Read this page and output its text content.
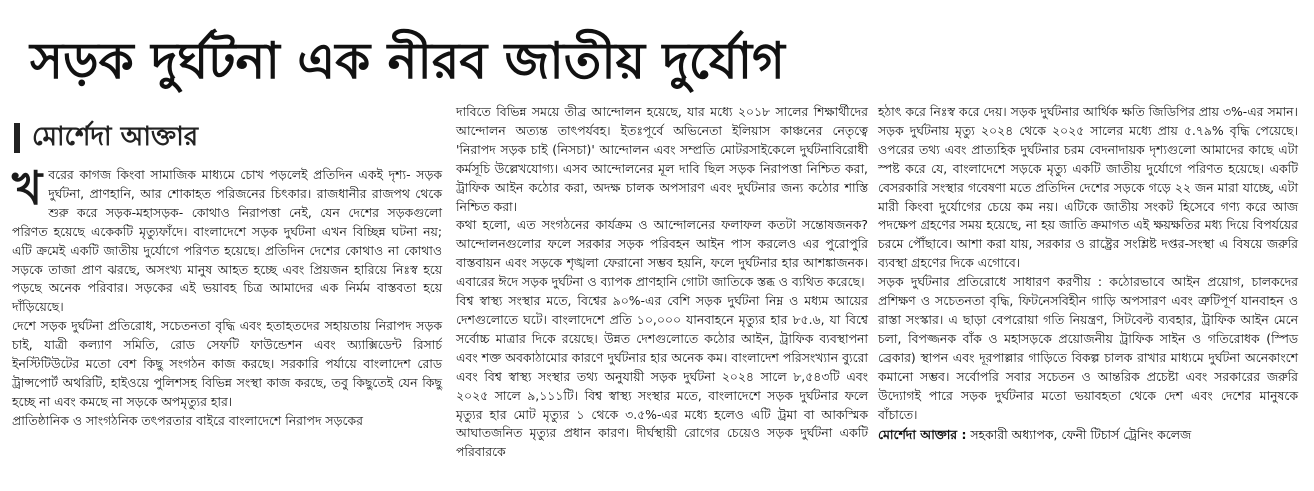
সড়ক দুর্ঘটনা এক নীরব জাতীয় দুর্যোগ
মোর্শেদা আক্তার

খবরের কাগজ কিংবা সামাজিক মাধ্যমে চোখ পড়লেই প্রতিদিন একই দৃশ্য- সড়ক দুর্ঘটনা, প্রাণহানি, আর শোকাহত পরিজনের চিৎকার। রাজধানীর রাজপথ থেকে শুরু করে সড়ক-মহাসড়ক- কোথাও নিরাপত্তা নেই, যেন দেশের সড়কগুলো পরিণত হয়েছে একেকটি মৃত্যুফাঁদে। বাংলাদেশে সড়ক দুর্ঘটনা এখন বিচ্ছিন্ন ঘটনা নয়; এটি ক্রমেই একটি জাতীয় দুর্যোগে পরিণত হয়েছে। প্রতিদিন দেশের কোথাও না কোথাও সড়কে তাজা প্রাণ ঝরছে, অসংখ্য মানুষ আহত হচ্ছে এবং প্রিয়জন হারিয়ে নিঃস্ব হয়ে পড়ছে অনেক পরিবার। সড়কের এই ভয়াবহ চিত্র আমাদের এক নির্মম বাস্তবতা হয়ে দাঁড়িয়েছে।

দেশে সড়ক দুর্ঘটনা প্রতিরোধ, সচেতনতা বৃদ্ধি এবং হতাহতদের সহায়তায় নিরাপদ সড়ক চাই, যাত্রী কল্যাণ সমিতি, রোড সেফটি ফাউন্ডেশন এবং অ্যাক্সিডেন্ট রিসার্চ ইনস্টিটিউটের মতো বেশ কিছু সংগঠন কাজ করছে। সরকারি পর্যায়ে বাংলাদেশ রোড ট্রান্সপোর্ট অথরিটি, হাইওয়ে পুলিশসহ বিভিন্ন সংস্থা কাজ করছে, তবু কিছুতেই যেন কিছু হচ্ছে না এবং কমছে না সড়কে অপমৃত্যুর হার।

প্রাতিষ্ঠানিক ও সাংগঠনিক তৎপরতার বাইরে বাংলাদেশে নিরাপদ সড়কের

দাবিতে বিভিন্ন সময়ে তীব্র আন্দোলন হয়েছে, যার মধ্যে ২০১৮ সালের শিক্ষার্থীদের আন্দোলন অত্যন্ত তাৎপর্যবহ। ইতঃপূর্বে অভিনেতা ইলিয়াস কাঞ্চনের নেতৃত্বে 'নিরাপদ সড়ক চাই (নিসচা)' আন্দোলন এবং সম্প্রতি মোটরসাইকেলে দুর্ঘটনাবিরোধী কর্মসূচি উল্লেখযোগ্য। এসব আন্দোলনের মূল দাবি ছিল সড়ক নিরাপত্তা নিশ্চিত করা, ট্রাফিক আইন কঠোর করা, অদক্ষ চালক অপসারণ এবং দুর্ঘটনার জন্য কঠোর শাস্তি নিশ্চিত করা।

কথা হলো, এত সংগঠনের কার্যক্রম ও আন্দোলনের ফলাফল কতটা সন্তোষজনক? আন্দোলনগুলোর ফলে সরকার সড়ক পরিবহন আইন পাস করলেও এর পুরোপুরি বাস্তবায়ন এবং সড়কে শৃঙ্খলা ফেরানো সম্ভব হয়নি, ফলে দুর্ঘটনার হার আশঙ্কাজনক। এবারের ঈদে সড়ক দুর্ঘটনা ও ব্যাপক প্রাণহানি গোটা জাতিকে স্তব্ধ ও ব্যথিত করেছে।

বিশ্ব স্বাস্থ্য সংস্থার মতে, বিশ্বের ৯০%-এর বেশি সড়ক দুর্ঘটনা নিম্ন ও মধ্যম আয়ের দেশগুলোতে ঘটে। বাংলাদেশে প্রতি ১০,০০০ যানবাহনে মৃত্যুর হার ৮৫.৬, যা বিশ্বে সর্বোচ্চ মাত্রার দিকে রয়েছে। উন্নত দেশগুলোতে কঠোর আইন, ট্রাফিক ব্যবস্থাপনা এবং শক্ত অবকাঠামোর কারণে দুর্ঘটনার হার অনেক কম। বাংলাদেশ পরিসংখ্যান ব্যুরো এবং বিশ্ব স্বাস্থ্য সংস্থার তথ্য অনুযায়ী সড়ক দুর্ঘটনা ২০২৪ সালে ৮,৫৪৩টি এবং ২০২৫ সালে ৯,১১১টি। বিশ্ব স্বাস্থ্য সংস্থার মতে, বাংলাদেশে সড়ক দুর্ঘটনার ফলে মৃত্যুর হার মোট মৃত্যুর ১ থেকে ৩.৫%-এর মধ্যে হলেও এটি ট্রমা বা আকস্মিক আঘাতজনিত মৃত্যুর প্রধান কারণ। দীর্ঘস্থায়ী রোগের চেয়েও সড়ক দুর্ঘটনা একটি পরিবারকে

হঠাৎ করে নিঃস্ব করে দেয়। সড়ক দুর্ঘটনার আর্থিক ক্ষতি জিডিপির প্রায় ৩%-এর সমান। সড়ক দুর্ঘটনায় মৃত্যু ২০২৪ থেকে ২০২৫ সালের মধ্যে প্রায় ৫.৭৯% বৃদ্ধি পেয়েছে। ওপরের তথ্য এবং প্রাত্যহিক দুর্ঘটনার চরম বেদনাদায়ক দৃশ্যগুলো আমাদের কাছে এটা স্পষ্ট করে যে, বাংলাদেশে সড়কে মৃত্যু একটি জাতীয় দুর্যোগে পরিণত হয়েছে। একটি বেসরকারি সংস্থার গবেষণা মতে প্রতিদিন দেশের সড়কে গড়ে ২২ জন মারা যাচ্ছে, এটা মারী কিংবা দুর্যোগের চেয়ে কম নয়। এটিকে জাতীয় সংকট হিসেবে গণ্য করে আজ পদক্ষেপ গ্রহণের সময় হয়েছে, না হয় জাতি ক্রমাগত এই ক্ষয়ক্ষতির মধ্য দিয়ে বিপর্যয়ের চরমে পৌঁছাবে। আশা করা যায়, সরকার ও রাষ্ট্রের সংশ্লিষ্ট দপ্তর-সংস্থা এ বিষয়ে জরুরি ব্যবস্থা গ্রহণের দিকে এগোবে।

সড়ক দুর্ঘটনার প্রতিরোধে সাধারণ করণীয় : কঠোরভাবে আইন প্রয়োগ, চালকদের প্রশিক্ষণ ও সচেতনতা বৃদ্ধি, ফিটনেসবিহীন গাড়ি অপসারণ এবং ত্রুটিপূর্ণ যানবাহন ও রাস্তা সংস্কার। এ ছাড়া বেপরোয়া গতি নিয়ন্ত্রণ, সিটবেল্ট ব্যবহার, ট্রাফিক আইন মেনে চলা, বিপজ্জনক বাঁক ও মহাসড়কে প্রয়োজনীয় ট্রাফিক সাইন ও গতিরোধক (স্পিড ব্রেকার) স্থাপন এবং দূরপাল্লার গাড়িতে বিকল্প চালক রাখার মাধ্যমে দুর্ঘটনা অনেকাংশে কমানো সম্ভব। সর্বোপরি সবার সচেতন ও আন্তরিক প্রচেষ্টা এবং সরকারের জরুরি উদ্যোগই পারে সড়ক দুর্ঘটনার মতো ভয়াবহতা থেকে দেশ এবং দেশের মানুষকে বাঁচাতে।

মোর্শেদা আক্তার : সহকারী অধ্যাপক, ফেনী টিচার্স ট্রেনিং কলেজ
